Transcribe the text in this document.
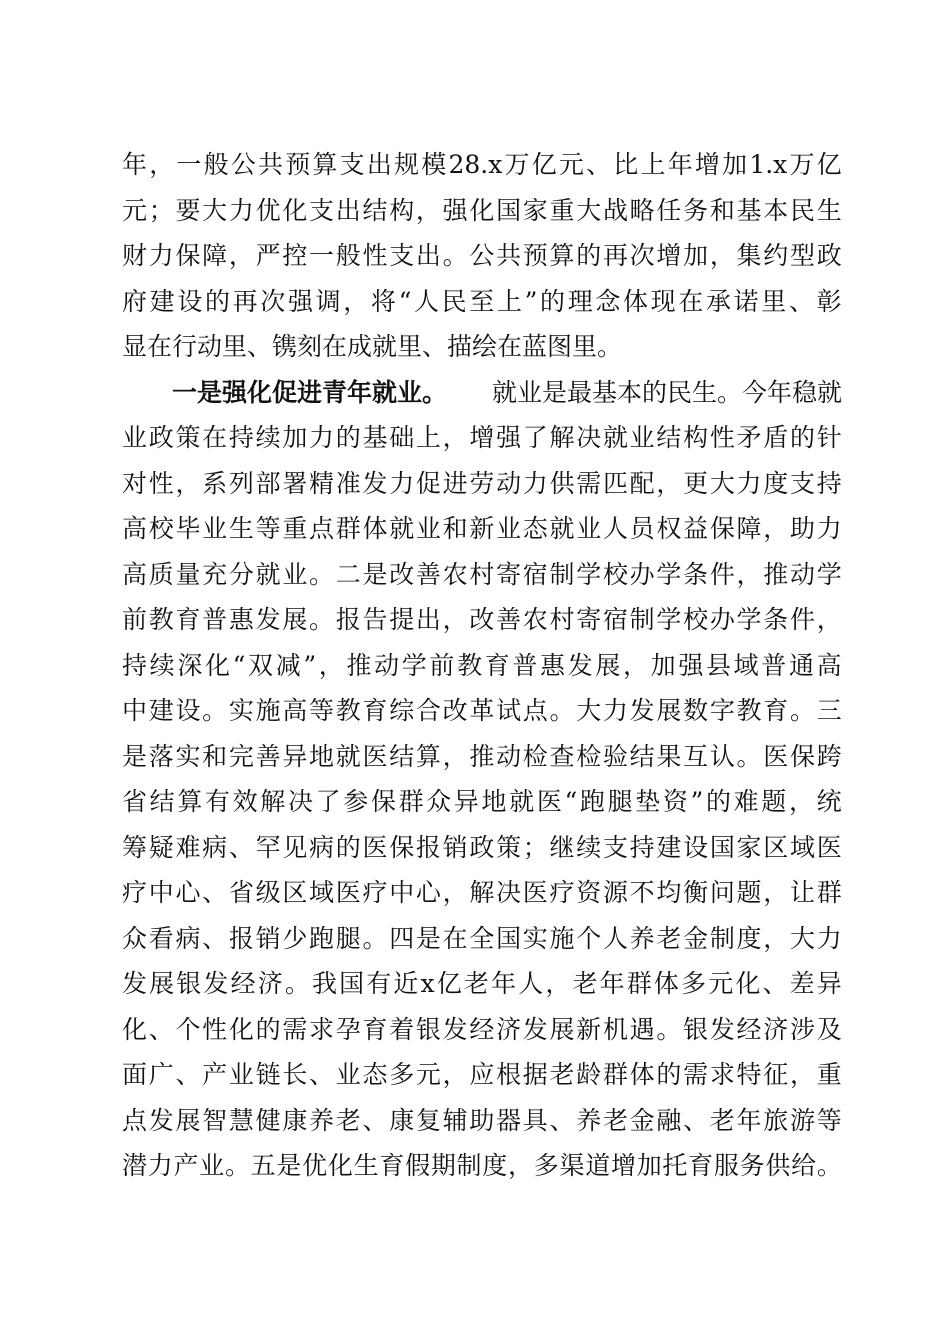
年 ， 一 般 公 共 预 算 支 出 规 模 28.x 万 亿 元 、 比 上 年 增 加 1.x 万 亿
元 ； 要 大 力 优 化 支 出 结 构 ， 强 化 国 家 重 大 战 略 任 务 和 基 本 民 生
财 力 保 障 ， 严 控 一 般 性 支 出 。 公 共 预 算 的 再 次 增 加 ， 集 约 型 政
府 建 设 的 再 次 强 调 ， 将 “ 人 民 至 上 ” 的 理 念 体 现 在 承 诺 里 、 彰
显在行动里、镌刻在成就里、描绘在蓝图里。
一是强化促进青年就业。 就业是最基本的民生。今年稳就
业 政 策 在 持 续 加 力 的 基 础 上 ， 增 强 了 解 决 就 业 结 构 性 矛 盾 的 针
对 性 ， 系 列 部 署 精 准 发 力 促 进 劳 动 力 供 需 匹 配 ， 更 大 力 度 支 持
高 校 毕 业 生 等 重 点 群 体 就 业 和 新 业 态 就 业 人 员 权 益 保 障 ， 助 力
高 质 量 充 分 就 业 。 二 是 改 善 农 村 寄 宿 制 学 校 办 学 条 件 ， 推 动 学
前 教 育 普 惠 发 展 。 报 告 提 出 ， 改 善 农 村 寄 宿 制 学 校 办 学 条 件 ，
持 续 深 化 “ 双 减 ” ， 推 动 学 前 教 育 普 惠 发 展 ， 加 强 县 域 普 通 高
中 建 设 。 实 施 高 等 教 育 综 合 改 革 试 点 。 大 力 发 展 数 字 教 育 。 三
是 落 实 和 完 善 异 地 就 医 结 算 ， 推 动 检 查 检 验 结 果 互 认 。 医 保 跨
省 结 算 有 效 解 决 了 参 保 群 众 异 地 就 医 “ 跑 腿 垫 资 ” 的 难 题 ， 统
筹 疑 难 病 、 罕 见 病 的 医 保 报 销 政 策 ； 继 续 支 持 建 设 国 家 区 域 医
疗 中 心 、 省 级 区 域 医 疗 中 心 ， 解 决 医 疗 资 源 不 均 衡 问 题 ， 让 群
众 看 病 、 报 销 少 跑 腿 。 四 是 在 全 国 实 施 个 人 养 老 金 制 度 ， 大 力
发 展 银 发 经 济 。 我 国 有 近 x 亿 老 年 人 ， 老 年 群 体 多 元 化 、 差 异
化 、 个 性 化 的 需 求 孕 育 着 银 发 经 济 发 展 新 机 遇 。 银 发 经 济 涉 及
面 广 、 产 业 链 长 、 业 态 多 元 ， 应 根 据 老 龄 群 体 的 需 求 特 征 ， 重
点 发 展 智 慧 健 康 养 老 、 康 复 辅 助 器 具 、 养 老 金 融 、 老 年 旅 游 等
潜 力 产 业 。 五 是 优 化 生 育 假 期 制 度 ， 多 渠 道 增 加 托 育 服 务 供 给 。
